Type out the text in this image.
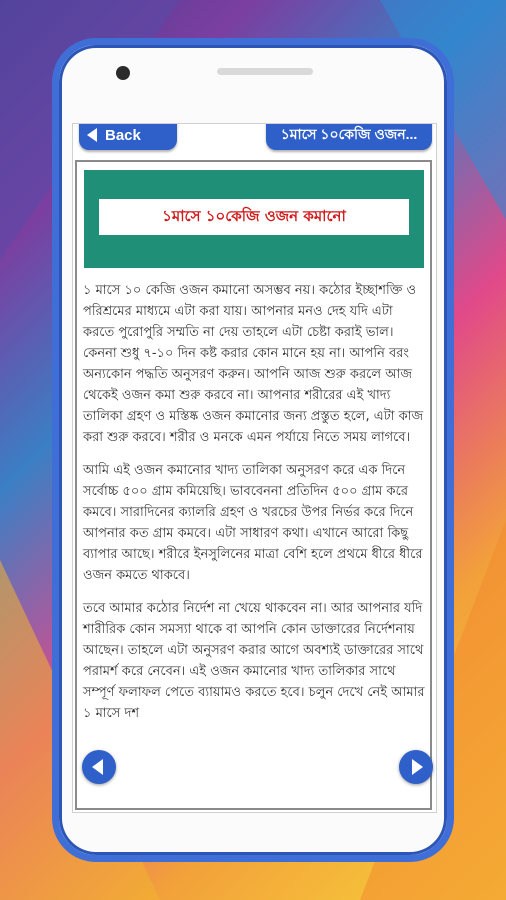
Back	১মাসে ১০কেজি ওজন...
১মাসে ১০কেজি ওজন কমানো

১ মাসে ১০ কেজি ওজন কমানো অসম্ভব নয়। কঠোর ইচ্ছাশক্তি ও পরিশ্রমের মাধ্যমে এটা করা যায়। আপনার মনও দেহ যদি এটা করতে পুরোপুরি সম্মতি না দেয় তাহলে এটা চেষ্টা করাই ভাল। কেননা শুধু ৭-১০ দিন কষ্ট করার কোন মানে হয় না। আপনি বরং অন্যকোন পদ্ধতি অনুসরণ করুন। আপনি আজ শুরু করলে আজ থেকেই ওজন কমা শুরু করবে না। আপনার শরীরের এই খাদ্য তালিকা গ্রহণ ও মস্তিষ্ক ওজন কমানোর জন্য প্রস্তুত হলে, এটা কাজ করা শুরু করবে। শরীর ও মনকে এমন পর্যায়ে নিতে সময় লাগবে।

আমি এই ওজন কমানোর খাদ্য তালিকা অনুসরণ করে এক দিনে সর্বোচ্চ ৫০০ গ্রাম কমিয়েছি। ভাববেননা প্রতিদিন ৫০০ গ্রাম করে কমবে। সারাদিনের ক্যালরি গ্রহণ ও খরচের উপর নির্ভর করে দিনে আপনার কত গ্রাম কমবে। এটা সাধারণ কথা। এখানে আরো কিছু ব্যাপার আছে। শরীরে ইনসুলিনের মাত্রা বেশি হলে প্রথমে ধীরে ধীরে ওজন কমতে থাকবে।

তবে আমার কঠোর নির্দেশ না খেয়ে থাকবেন না। আর আপনার যদি শারীরিক কোন সমস্যা থাকে বা আপনি কোন ডাক্তারের নির্দেশনায় আছেন। তাহলে এটা অনুসরণ করার আগে অবশ্যই ডাক্তারের সাথে পরামর্শ করে নেবেন। এই ওজন কমানোর খাদ্য তালিকার সাথে সম্পূর্ণ ফলাফল পেতে ব্যায়ামও করতে হবে। চলুন দেখে নেই আমার ১ মাসে দশ
